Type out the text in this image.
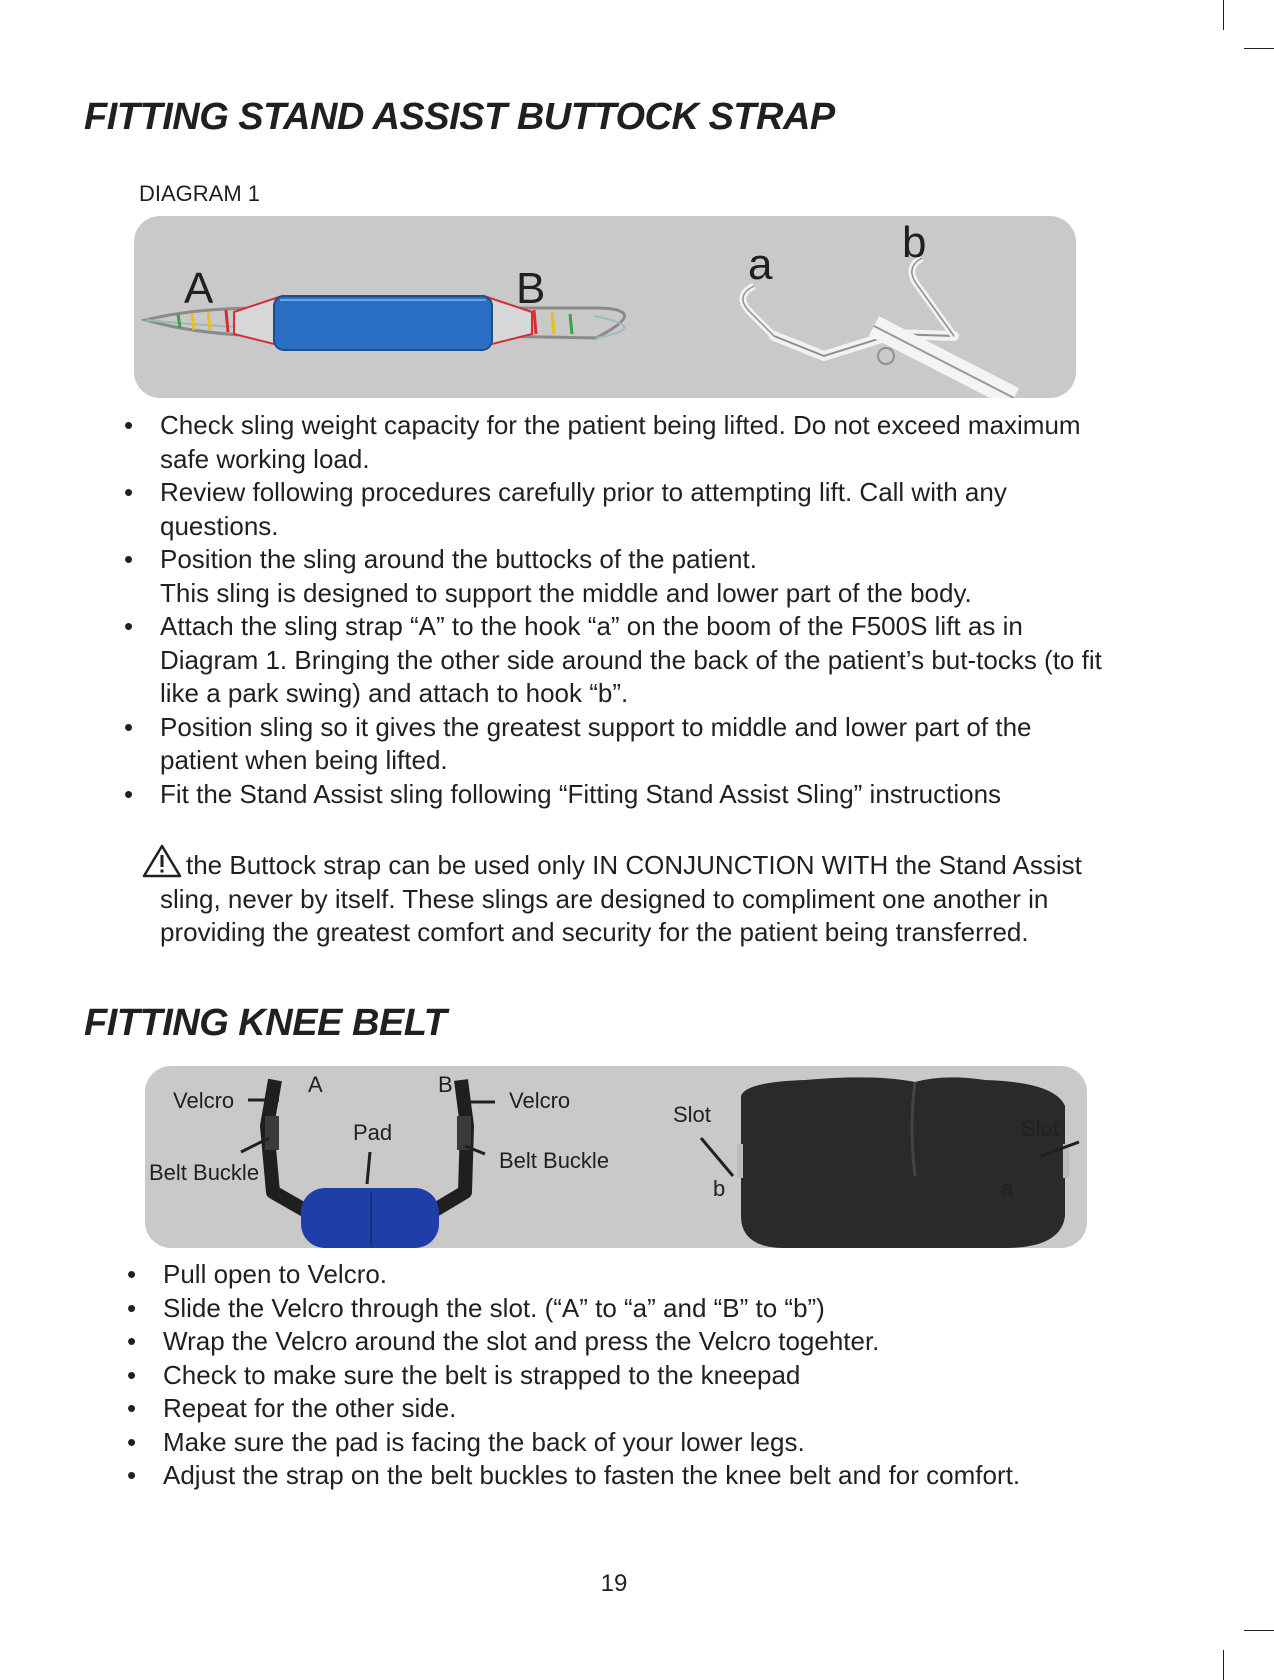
FITTING STAND ASSIST BUTTOCK STRAP
DIAGRAM 1
A	B	a	b
• Check sling weight capacity for the patient being lifted. Do not exceed maximum safe working load.
• Review following procedures carefully prior to attempting lift. Call with any questions.
• Position the sling around the buttocks of the patient.
This sling is designed to support the middle and lower part of the body.
• Attach the sling strap “A” to the hook “a” on the boom of the F500S lift as in Diagram 1. Bringing the other side around the back of the patient’s but-tocks (to fit like a park swing) and attach to hook “b”.
• Position sling so it gives the greatest support to middle and lower part of the patient when being lifted.
• Fit the Stand Assist sling following “Fitting Stand Assist Sling” instructions
the Buttock strap can be used only IN CONJUNCTION WITH the Stand Assist sling, never by itself. These slings are designed to compliment one another in providing the greatest comfort and security for the patient being transferred.
FITTING KNEE BELT
Velcro
A	B
Velcro
Pad
Belt Buckle	Belt Buckle
Slot
Slot
b	a
• Pull open to Velcro.
• Slide the Velcro through the slot. (“A” to “a” and “B” to “b”)
• Wrap the Velcro around the slot and press the Velcro togehter.
• Check to make sure the belt is strapped to the kneepad
• Repeat for the other side.
• Make sure the pad is facing the back of your lower legs.
• Adjust the strap on the belt buckles to fasten the knee belt and for comfort.
19
